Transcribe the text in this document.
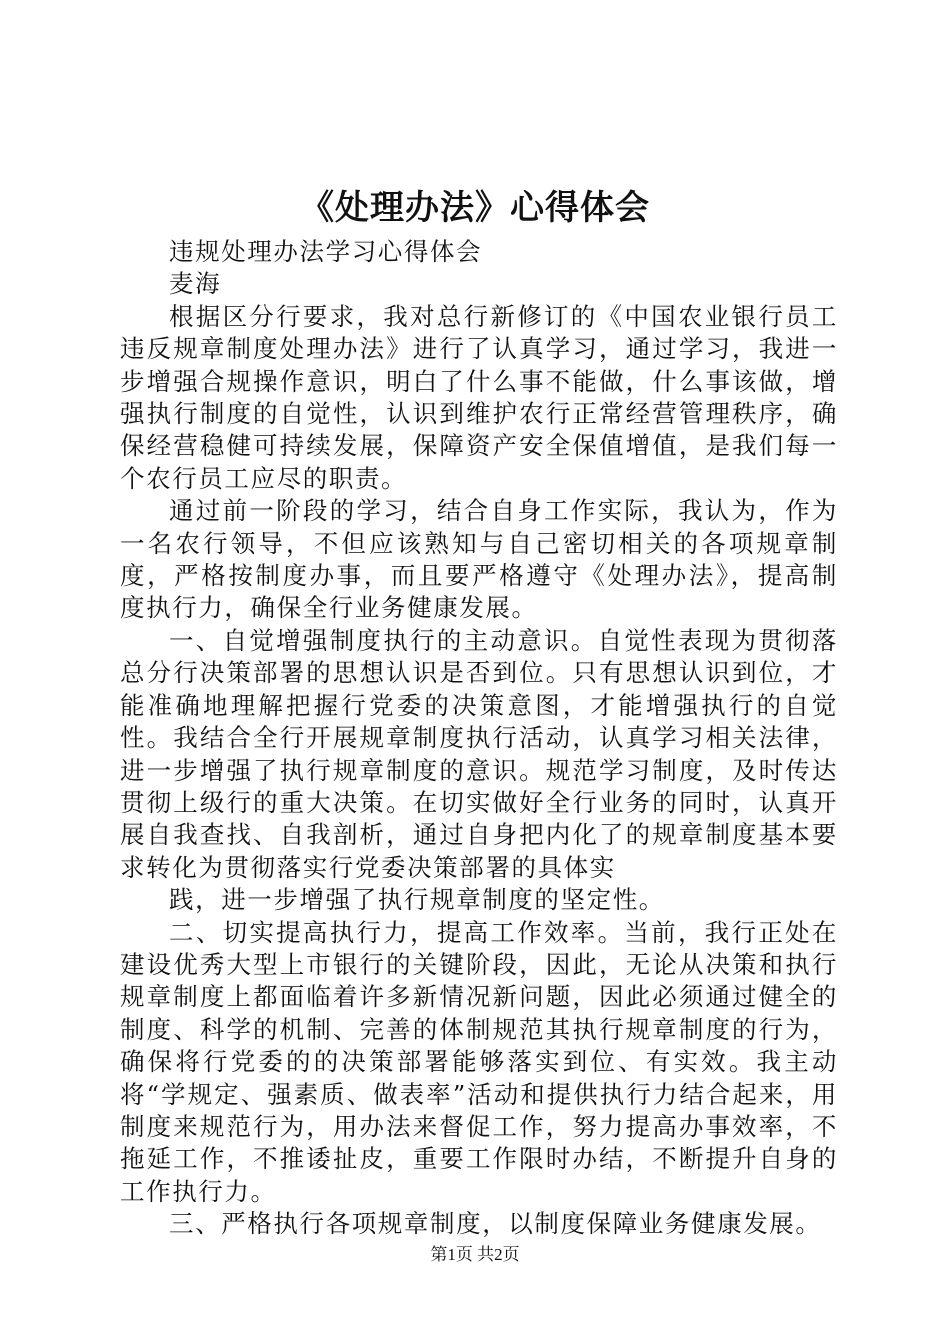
《处理办法》心得体会

违规处理办法学习心得体会

麦海

根据区分行要求，我对总行新修订的《中国农业银行员工违反规章制度处理办法》进行了认真学习，通过学习，我进一步增强合规操作意识，明白了什么事不能做，什么事该做，增强执行制度的自觉性，认识到维护农行正常经营管理秩序，确保经营稳健可持续发展，保障资产安全保值增值，是我们每一个农行员工应尽的职责。

通过前一阶段的学习，结合自身工作实际，我认为，作为一名农行领导，不但应该熟知与自己密切相关的各项规章制度，严格按制度办事，而且要严格遵守《处理办法》，提高制度执行力，确保全行业务健康发展。

一、自觉增强制度执行的主动意识。自觉性表现为贯彻落总分行决策部署的思想认识是否到位。只有思想认识到位，才能准确地理解把握行党委的决策意图，才能增强执行的自觉性。我结合全行开展规章制度执行活动，认真学习相关法律，进一步增强了执行规章制度的意识。规范学习制度，及时传达贯彻上级行的重大决策。在切实做好全行业务的同时，认真开展自我查找、自我剖析，通过自身把内化了的规章制度基本要求转化为贯彻落实行党委决策部署的具体实

践，进一步增强了执行规章制度的坚定性。

二、切实提高执行力，提高工作效率。当前，我行正处在建设优秀大型上市银行的关键阶段，因此，无论从决策和执行规章制度上都面临着许多新情况新问题，因此必须通过健全的制度、科学的机制、完善的体制规范其执行规章制度的行为，确保将行党委的的决策部署能够落实到位、有实效。我主动将“学规定、强素质、做表率”活动和提供执行力结合起来，用制度来规范行为，用办法来督促工作，努力提高办事效率，不拖延工作，不推诿扯皮，重要工作限时办结，不断提升自身的工作执行力。

三、严格执行各项规章制度，以制度保障业务健康发展。

第1页 共2页
